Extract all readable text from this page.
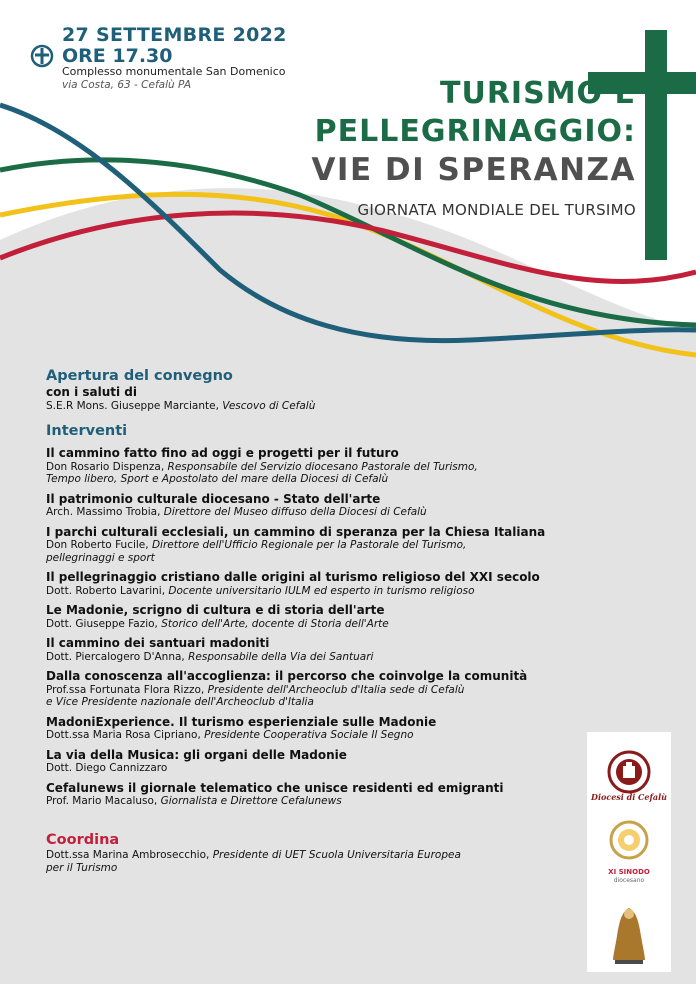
27 SETTEMBRE 2022
ORE 17.30
Complesso monumentale San Domenico
via Costa, 63 - Cefalù PA	TURISMO E
PELLEGRINAGGIO:
VIE DI SPERANZA
GIORNATA MONDIALE DEL TURSIMO
Apertura del convegno
con i saluti di
S.E.R Mons. Giuseppe Marciante, Vescovo di Cefalù
Interventi
Il cammino fatto fino ad oggi e progetti per il futuro
Don Rosario Dispenza, Responsabile del Servizio diocesano Pastorale del Turismo,
Tempo libero, Sport e Apostolato del mare della Diocesi di Cefalù
Il patrimonio culturale diocesano - Stato dell'arte
Arch. Massimo Trobia, Direttore del Museo diffuso della Diocesi di Cefalù
I parchi culturali ecclesiali, un cammino di speranza per la Chiesa Italiana
Don Roberto Fucile, Direttore dell'Ufficio Regionale per la Pastorale del Turismo,
pellegrinaggi e sport
Il pellegrinaggio cristiano dalle origini al turismo religioso del XXI secolo
Dott. Roberto Lavarini, Docente universitario IULM ed esperto in turismo religioso
Le Madonie, scrigno di cultura e di storia dell'arte
Dott. Giuseppe Fazio, Storico dell'Arte, docente di Storia dell'Arte
Il cammino dei santuari madoniti
Dott. Piercalogero D'Anna, Responsabile della Via dei Santuari
Dalla conoscenza all'accoglienza: il percorso che coinvolge la comunità
Prof.ssa Fortunata Flora Rizzo, Presidente dell'Archeoclub d'Italia sede di Cefalù
e Vice Presidente nazionale dell'Archeoclub d'Italia
MadoniExperience. Il turismo esperienziale sulle Madonie
Dott.ssa Maria Rosa Cipriano, Presidente Cooperativa Sociale Il Segno
La via della Musica: gli organi delle Madonie
Dott. Diego Cannizzaro
Cefalunews il giornale telematico che unisce residenti ed emigranti
Prof. Mario Macaluso, Giornalista e Direttore Cefalunews
Coordina
Dott.ssa Marina Ambrosecchio, Presidente di UET Scuola Universitaria Europea
per il Turismo
Diocesi di Cefalù
XI SINODO
diocesano
